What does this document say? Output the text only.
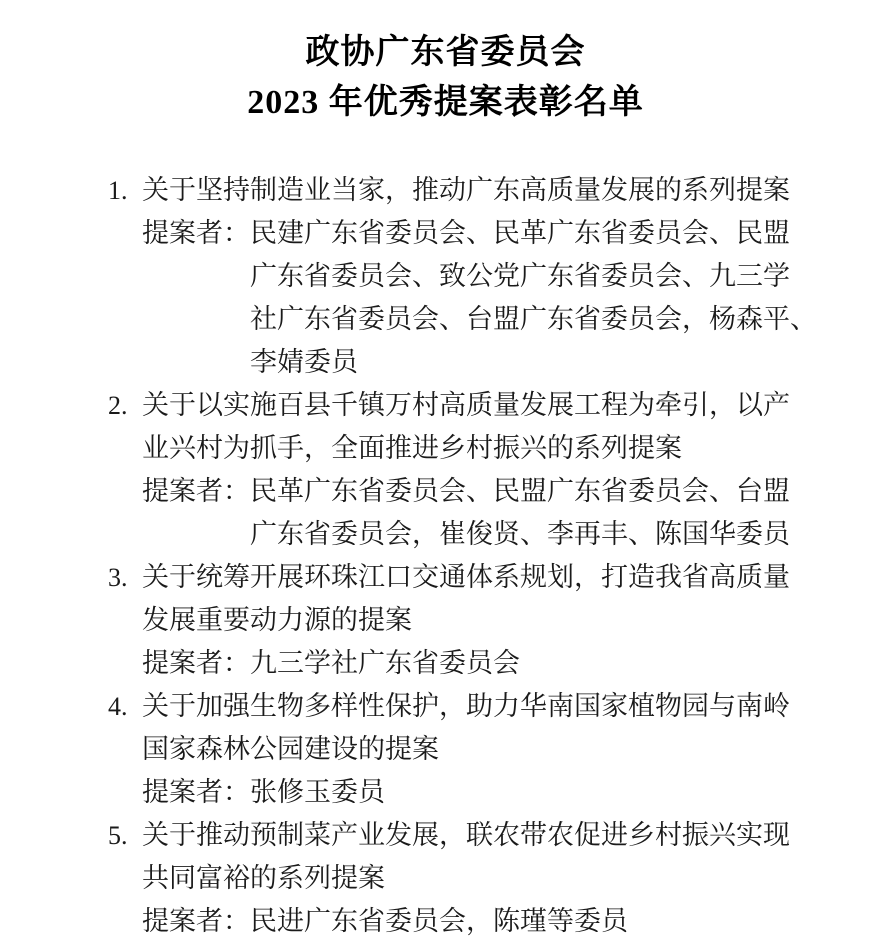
政协广东省委员会
2023 年优秀提案表彰名单
1. 关于坚持制造业当家，推动广东高质量发展的系列提案
提案者： 民建广东省委员会、民革广东省委员会、民盟
广东省委员会、致公党广东省委员会、九三学
社广东省委员会、台盟广东省委员会，杨森平、
李婧委员
2. 关于以实施百县千镇万村高质量发展工程为牵引，以产
业兴村为抓手，全面推进乡村振兴的系列提案
提案者： 民革广东省委员会、民盟广东省委员会、台盟
广东省委员会，崔俊贤、李再丰、陈国华委员
3. 关于统筹开展环珠江口交通体系规划，打造我省高质量
发展重要动力源的提案
提案者： 九三学社广东省委员会
4. 关于加强生物多样性保护，助力华南国家植物园与南岭
国家森林公园建设的提案
提案者： 张修玉委员
5. 关于推动预制菜产业发展，联农带农促进乡村振兴实现
共同富裕的系列提案
提案者： 民进广东省委员会，陈瑾等委员
